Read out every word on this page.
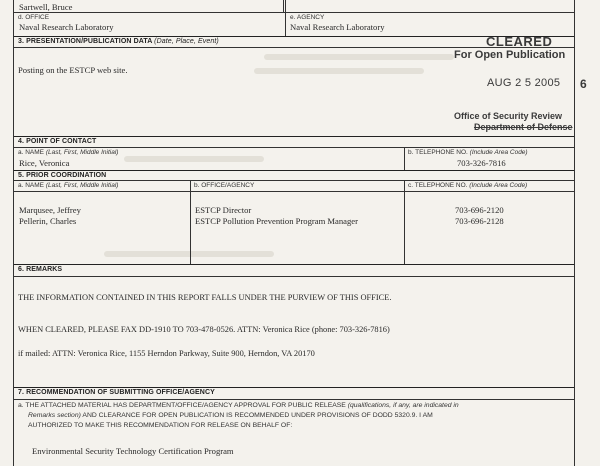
Sartwell, Bruce
d. OFFICE
Naval Research Laboratory
e. AGENCY
Naval Research Laboratory
3. PRESENTATION/PUBLICATION DATA (Date, Place, Event)
Posting on the ESTCP web site.
CLEARED
For Open Publication
AUG 2 5 2005 6
Office of Security Review
Department of Defense
4. POINT OF CONTACT
a. NAME (Last, First, Middle Initial)
Rice, Veronica
b. TELEPHONE NO. (Include Area Code)
703-326-7816
5. PRIOR COORDINATION
a. NAME (Last, First, Middle Initial)	b. OFFICE/AGENCY	c. TELEPHONE NO. (Include Area Code)
Marqusee, Jeffrey	ESTCP Director	703-696-2120
Pellerin, Charles	ESTCP Pollution Prevention Program Manager	703-696-2128
6. REMARKS
THE INFORMATION CONTAINED IN THIS REPORT FALLS UNDER THE PURVIEW OF THIS OFFICE.
WHEN CLEARED, PLEASE FAX DD-1910 TO 703-478-0526. ATTN: Veronica Rice (phone: 703-326-7816)
if mailed: ATTN: Veronica Rice, 1155 Herndon Parkway, Suite 900, Herndon, VA 20170
7. RECOMMENDATION OF SUBMITTING OFFICE/AGENCY
a. THE ATTACHED MATERIAL HAS DEPARTMENT/OFFICE/AGENCY APPROVAL FOR PUBLIC RELEASE (qualifications, if any, are indicated in
Remarks section) AND CLEARANCE FOR OPEN PUBLICATION IS RECOMMENDED UNDER PROVISIONS OF DODD 5320.9. I AM
AUTHORIZED TO MAKE THIS RECOMMENDATION FOR RELEASE ON BEHALF OF:
Environmental Security Technology Certification Program
